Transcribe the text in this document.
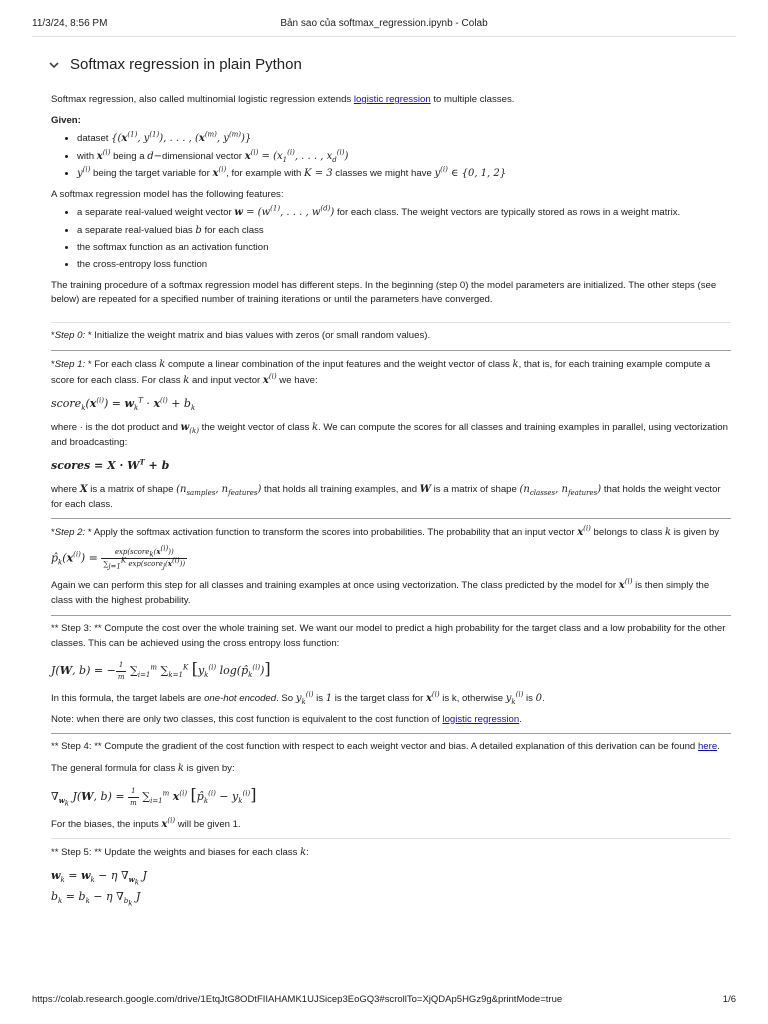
11/3/24, 8:56 PM	Bản sao của softmax_regression.ipynb - Colab
Softmax regression in plain Python

Softmax regression, also called multinomial logistic regression extends logistic regression to multiple classes.

Given:

• dataset {($x^{(1)}$, $y^{(1)}$), . . . , ($x^{(m)}$, $y^{(m)}$)}
• with $x^{(i)}$ being a d−dimensional vector $x^{(i)} = (x_1^{(i)}$, . . . , $x_d^{(i)}$)
• $y^{(i)}$ being the target variable for $x^{(i)}$, for example with K = 3 classes we might have $y^{(i)}$ ∈ {0, 1, 2}

A softmax regression model has the following features:

• a separate real-valued weight vector $w = (w^{(1)}$, . . . , $w^{(d)}$) for each class. The weight vectors are typically stored as rows in a weight matrix.
• a separate real-valued bias b for each class
• the softmax function as an activation function
• the cross-entropy loss function

The training procedure of a softmax regression model has different steps. In the beginning (step 0) the model parameters are initialized. The other steps (see below) are repeated for a specified number of training iterations or until the parameters have converged.

*Step 0: * Initialize the weight matrix and bias values with zeros (or small random values).

*Step 1: * For each class k compute a linear combination of the input features and the weight vector of class k, that is, for each training example compute a score for each class. For class k and input vector $x^{(i)}$ we have:

$score_k(x^{(i)}) = w_k^T \cdot x^{(i)} + b_k$

where · is the dot product and $w_{(k)}$ the weight vector of class k. We can compute the scores for all classes and training examples in parallel, using vectorization and broadcasting:

scores = $X \cdot W^T + b$

where X is a matrix of shape ($n_{samples}$, $n_{features}$) that holds all training examples, and W is a matrix of shape ($n_{classes}$, $n_{features}$) that holds the weight vector for each class.

*Step 2: * Apply the softmax activation function to transform the scores into probabilities. The probability that an input vector $x^{(i)}$ belongs to class k is given by

$p̂_k(x^{(i)}) = \frac{\exp(score_k(x^{(i)}))}{\sum_{j=1}^K \exp(score_j(x^{(i)}))}$

Again we can perform this step for all classes and training examples at once using vectorization. The class predicted by the model for $x^{(i)}$ is then simply the class with the highest probability.

** Step 3: ** Compute the cost over the whole training set. We want our model to predict a high probability for the target class and a low probability for the other classes. This can be achieved using the cross entropy loss function:

J(W, b) = − $\frac{1}{m} \sum_{i=1}^m$ $\sum_{k=1}^K$ [$y_k^{(i)}$ $\log(p̂_k^{(i)})$]

In this formula, the target labels are one-hot encoded. So $y_k^{(i)}$ is 1 is the target class for $x^{(i)}$ is k, otherwise $y_k^{(i)}$ is 0.

Note: when there are only two classes, this cost function is equivalent to the cost function of logistic regression.

** Step 4: ** Compute the gradient of the cost function with respect to each weight vector and bias. A detailed explanation of this derivation can be found here.

The general formula for class k is given by:

$\nabla_{w_k}$ J(W, $b) = \frac{1}{m} \sum_{i=1}^m$ $x^{(i)}$ $[p̂_k^{(i)} - y_k^{(i)}]$

For the biases, the inputs $x^{(i)}$ will be given 1.

** Step 5: ** Update the weights and biases for each class k:

$w_k = w_k - \eta$ $\nabla_{w_k}$ J
$b_k = b_k - \eta$ $\nabla_{b_k}$ J
https://colab.research.google.com/drive/1EtqJtG8ODtFIIAHAMK1UJSicep3EoGQ3#scrollTo=XjQDAp5HGz9g&printMode=true	1/6
